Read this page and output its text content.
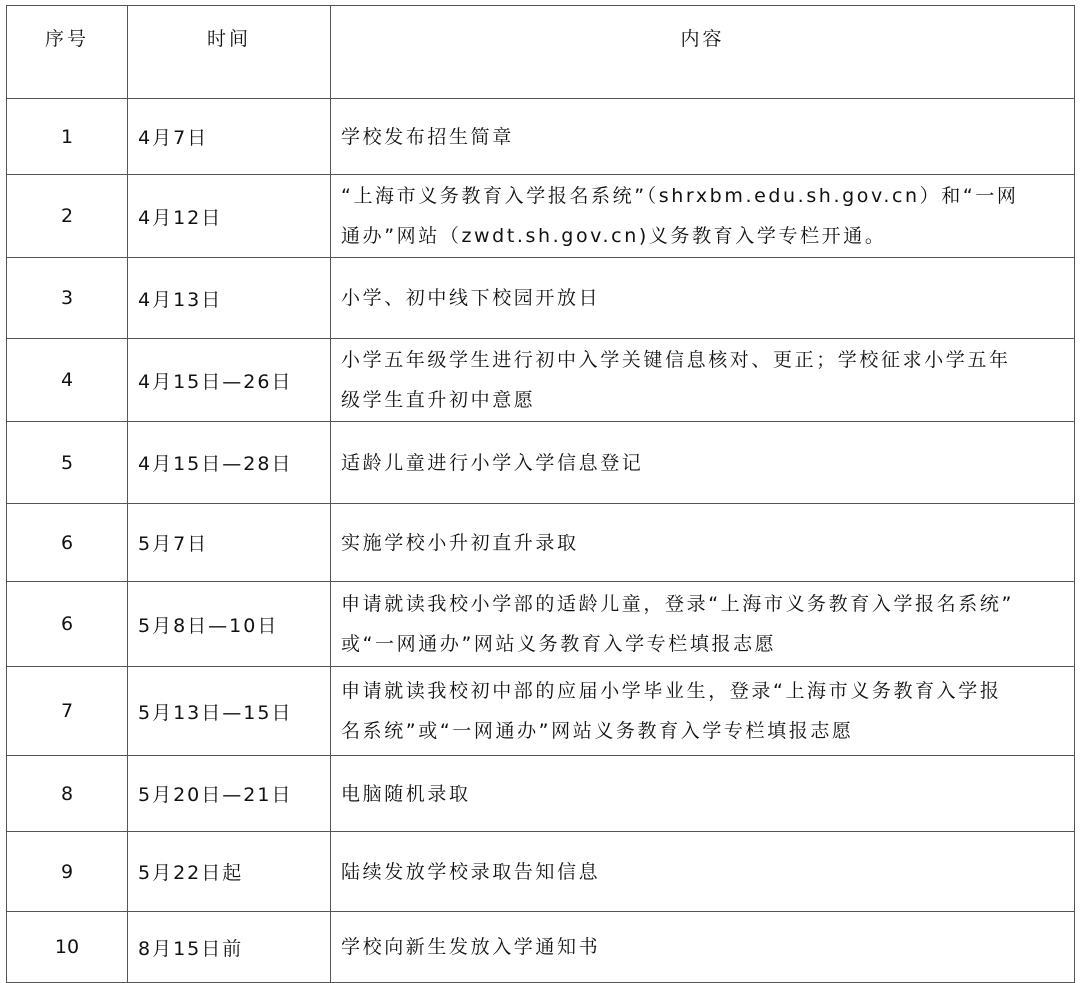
序号	时间	内容
1	4月7日	学校发布招生简章

2	4月12日	“上海市义务教育入学报名系统”（shrxbm.edu.sh.gov.cn）和“一网
通办”网站（zwdt.sh.gov.cn)义务教育入学专栏开通。

3	4月13日	小学、初中线下校园开放日

4	4月15日—26日	小学五年级学生进行初中入学关键信息核对、更正；学校征求小学五年
级学生直升初中意愿

5	4月15日—28日	适龄儿童进行小学入学信息登记

6	5月7日	实施学校小升初直升录取

6	5月8日—10日	申请就读我校小学部的适龄儿童，登录“上海市义务教育入学报名系统”
或“一网通办”网站义务教育入学专栏填报志愿

7	5月13日—15日	申请就读我校初中部的应届小学毕业生，登录“上海市义务教育入学报
名系统”或“一网通办”网站义务教育入学专栏填报志愿

8	5月20日—21日	电脑随机录取

9	5月22日起	陆续发放学校录取告知信息

10	8月15日前	学校向新生发放入学通知书
